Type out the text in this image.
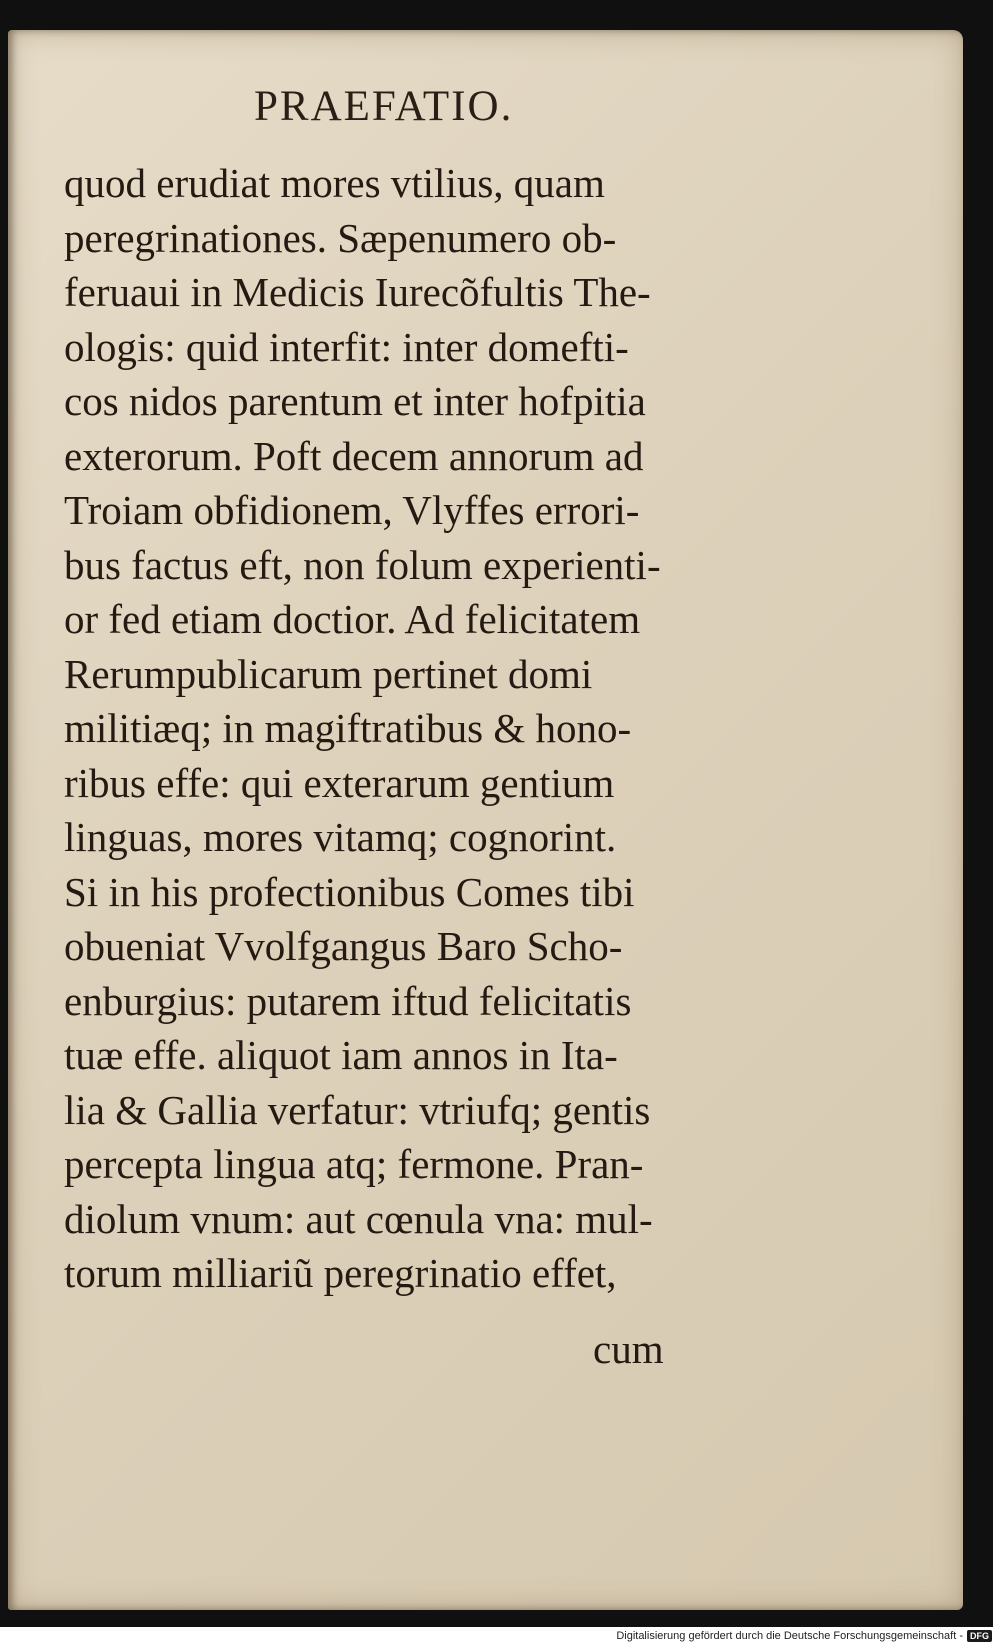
PRAEFATIO.
quod erudiat mores vtilius, quam
peregrinationes. Sæpenumero ob-
feruaui in Medicis Iurecõfultis The-
ologis: quid interfit: inter domefti-
cos nidos parentum et inter hofpitia
exterorum. Poft decem annorum ad
Troiam obfidionem, Vlyffes errori-
bus factus eft, non folum experienti-
or fed etiam doctior. Ad felicitatem
Rerumpublicarum pertinet domi
militiæq; in magiftratibus & hono-
ribus effe: qui exterarum gentium
linguas, mores vitamq; cognorint.
Si in his profectionibus Comes tibi
obueniat Vvolfgangus Baro Scho-
enburgius: putarem iftud felicitatis
tuæ effe. aliquot iam annos in Ita-
lia & Gallia verfatur: vtriufq; gentis
percepta lingua atq; fermone. Pran-
diolum vnum: aut cœnula vna: mul-
torum milliariũ peregrinatio effet,
cum
Digitalisierung gefördert durch die Deutsche Forschungsgemeinschaft - DFG
